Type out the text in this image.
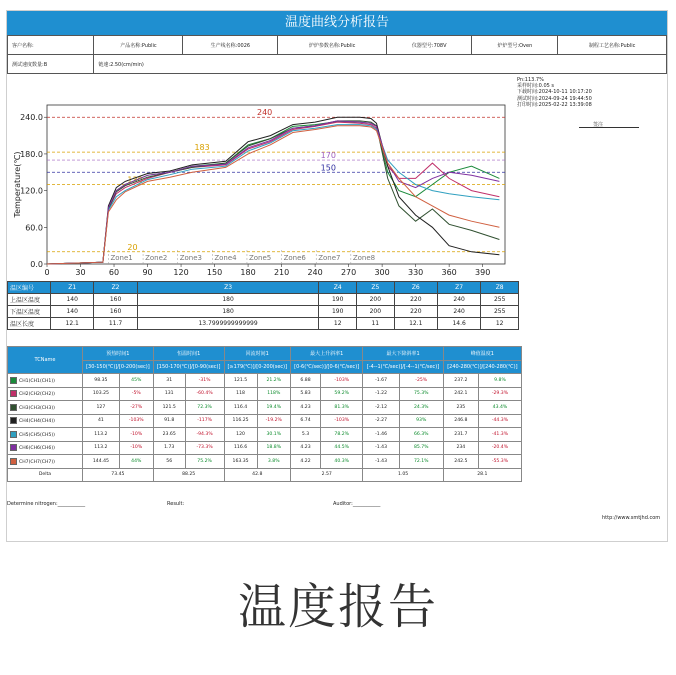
温度曲线分析报告
客户名称:	产品名称:Public	生产线名称:0026	炉炉参数名称:Public	仪器型号:708V	炉炉型号:Oven	制程工艺名称:Public
测试速度数量:B	链速:2.50(cm/min)					
Pn:113.7%
采样时间:0.05 s
下载时间:2024-10-11 10:17:20
测试时间:2024-09-24 19:44:50
打印时间:2025-02-22 13:39:08
签注
0	30	60	90	120 150 180 210 240 270 300 330 360 390
0.0
60.0
120.0
180.0
240.0
Temperature(℃)
Zone1 Zone2 Zone3 Zone4 Zone5 Zone6 Zone7 Zone8
240
183
170
150
130
20
温区编号	Z1	Z2	Z3	Z4	Z5	Z6	Z7	Z8
上温区温度	140	160	180	190	200	220	240	255
下温区温度	140	160	180	190	200	220	240	255
温区长度	12.1	11.7	13.7999999999999	12	11	12.1	14.6	12
TCName	预热时间1		恒温时间1		回流时间1		最大上升斜率1		最大下降斜率1		峰值温度1	
	[30-150(℃)]/[0-200(sec)]		[150-170(℃)]/[0-90(sec)]		[≥179(℃)]/[0-200(sec)]		[0-6(℃/sec)]/[0-6(℃/sec)]		[-4--1(℃/sec)]/[-4--1(℃/sec)]		[240-280(℃)]/[240-280(℃)]	
CH1(CH1(CH1))	98.35	45%	31	-31%	121.5	21.2%	6.88	-103%	-1.67	-25%	237.2	9.8%
CH2(CH2(CH2))	103.25	-5%	131	-60.4%	118	118%	5.83	59.2%	-1.22	75.3%	242.1	-29.3%
CH3(CH3(CH3))	127	-27%	121.5	72.3%	116.4	19.4%	4.23	81.3%	-2.12	24.3%	235	43.4%
CH4(CH4(CH4))	41	-103%	91.8	-117%	116.25	-19.2%	6.74	-103%	-2.27	93%	246.8	-44.3%
CH5(CH5(CH5))	113.2	-10%	23.65	-94.3%	120	30.1%	5.3	78.2%	-1.46	66.3%	231.7	-41.3%
CH6(CH6(CH6))	113.2	-10%	1.73	-73.3%	116.6	18.8%	4.23	44.5%	-1.43	85.7%	234	-20.4%
CH7(CH7(CH7))	144.45	44%	56	75.2%	163.35	3.8%	4.22	40.3%	-1.43	72.1%	242.5	-55.3%
Delta	73.45		88.25		42.8		2.57		1.05		28.1	
Determine nitrogen:___________	Result:	Auditor:___________
http://www.smtjhd.com
温度报告
